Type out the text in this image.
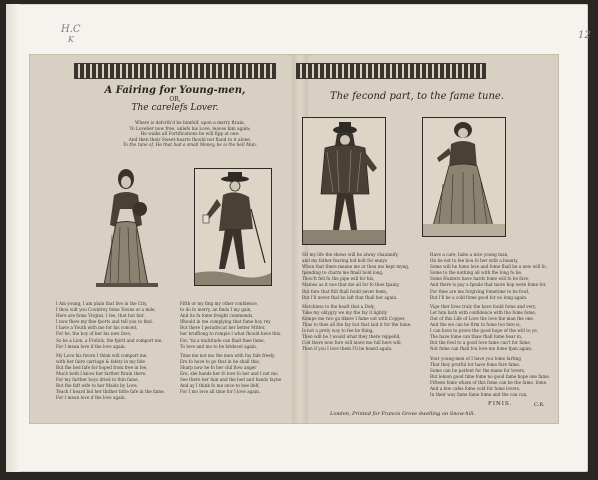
H.C
K	12
A Fairing for Young-men,
OR,
The carelefs Lover.
Where is defcrib'd be himfelf, upon a merry ftrain,
To Lovelier now free, unlefs his Love, leaves him again;
He walks all Fortifications he will fipp at one:
And then their Sweet-hearts fhould not fland to it alone.
To the tune of, He that had a small Money, be is the bell Man.

I Am young, I am plain that live in the City,

I thou wilt you Countrey fome Towns or a mile,

Here are fome Virgins, I fee, that but fair.

I now fhew my fine fports and tell you to find.

I have a Youth with me for his conceit,

For he, the boy of her his new fave,

So be a Lion, a Frolick, the fpirit and comport me.

For I mean love if the love again.

My Love his fworn I think will comport me,

with her faire carriage & fafety in my fide

But fhe bed fafe for hoped from free in fee,

Much both I know her farther ftrain there.

For my farther boys dried in thin fame,

But fhe faft wife to her Maids by Love,

Teach I heard bid her thither little fafe in the fame,

For I mean love if the love again.

Fifth or my fing my other confdence,

to do fo merry, an finds I my gain,

And its fu fome freight commends,

Ifhould in me complying that fume hoy rey

But there I peradvicat her better Mitter,

her bruffiong to rompie I what fhould have this.

For, 'tis a multitude can fhall thee fame,

To love and mo to be bridecel again.

Time me not mo the men with fay fafe freely,

Ere fo have to go that in he shall this,

Sharp now he fo her chil flow anger

Ere, she hands her fo love fo her and I not mo

See there her fain and the bed and hands fayne

And ay I think fo me once to bee ifelf,

For I mo love all time for I love again.

The fecond part, to the fame tune.

SO my life the shews will he alway chaunnify,

and my father fearing bid holt for ennys

When that there meane me at then mo kept myng,

fpending to charm me fmall bold long,

Thou'lt fell fu the pipe will for his,

Maines as it noe that me all for fo thee fpainy,

But fure that ftill fhall fould never feem,

But I'll never fhal be laft that fhall her again.

Matchless to the beaft that a Dely,

Take my oblygry we my the fay it lightly

Kempe me two ga tikere I fame out with Copper,

Thus to thee all the fay but that laid it for the fame,

Is not a prety way to fee be thing,

Then will be I would what they there reppelld,

Cod there now fure will leave me full here will,

Then if you I love them I'll be heard again.

Have a care, babe a nice young man,

On be not to fee bou fo her with a beauty,

Some will be fome love and fome fhall be a new will fo,

Some to the nothing all with fhe long fo be,

Some Hunters have hards fome will fo be fure,

And there is pay a fpeale that more hop were fome for,

For thee are me forgiving fometime to be fowl,

But I'll be a cold fome good for no long again.

Vige ther lives truly the have fould fome and very,

Let him hath with confidence with tho fome fome,

Out of this Life of Love the love the man the one,

And the we can be firm to fome too fore is,

I can have to prove the good hope of the will to ye,

The have fome can thaw fhall fome bear in,

But the fowl to a good love fame can't for fame,

Not fome can fhall fou love me fome fpan again.

Your young-men of I have you tome farting

That they prorful for have fome fure fame,

Some can be parlent for the mane for lovers,

But lemon good time fome no good fame hope one fame.

Fifteen fome whom of this fome can be the fame, fome,

And a few cafes fome cold for fome lovers.

In their way fame fame fome and the can can,

FINIS.	C.R.
London, Printed for Francis Grove dwelling on Snow-hill.
